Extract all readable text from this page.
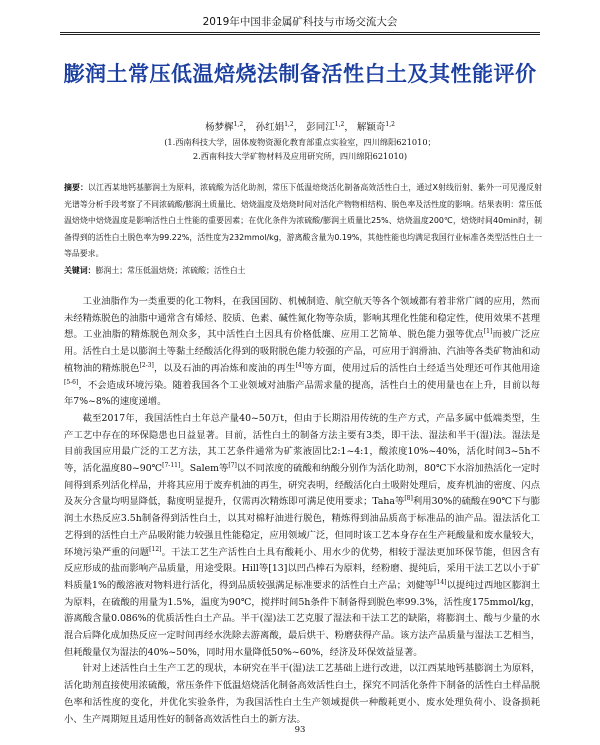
2019年中国非金属矿科技与市场交流大会
膨润土常压低温焙烧法制备活性白土及其性能评价
杨梦樨$^{1,2}$， 孙红娟$^{1,2}$， 彭同江$^{1,2}$， 解颖奇$^{1,2}$
(1.西南科技大学，固体废物资源化教育部重点实验室，四川绵阳621010；
2.西南科技大学矿物材料及应用研究所，四川绵阳621010)
摘要：以江西某地钙基膨润土为原料，浓硫酸为活化助剂，常压下低温焙烧活化制备高效活性白土，通过X射线衍射、紫外一可见漫反射光谱等分析手段考察了不同浓硫酸/膨润土质量比、焙烧温度及焙烧时间对活化产物物相结构、脱色率及活性度的影响。结果表明：常压低温焙烧中焙烧温度是影响活性白土性能的重要因素；在优化条件为浓硫酸/膨润土质量比25%、焙烧温度200℃，焙烧时间40min时，制备得到的活性白土脱色率为99.22%，活性度为232mmol/kg，游离酸含量为0.19%，其他性能也均满足我国行业标准各类型活性白土一等品要求。
关键词：膨润土；常压低温焙烧；浓硫酸；活性白土

工业油脂作为一类重要的化工物料，在我国国防、机械制造、航空航天等各个领域都有着非常广阔的应用，然而未经精炼脱色的油脂中通常含有烯烃、胶质、色素、碱性氮化物等杂质，影响其理化性能和稳定性，使用效果不甚理想。工业油脂的精炼脱色剂众多，其中活性白土因具有价格低廉、应用工艺简单、脱色能力强等优点[1]而被广泛应用。活性白土是以膨润土等黏土经酸活化得到的吸附脱色能力较强的产品，可应用于润滑油、汽油等各类矿物油和动植物油的精炼脱色[2-3]，以及石油的再冶炼和废油的再生[4]等方面，使用过后的活性白土经适当处理还可作其他用途[5-6]，不会造成环境污染。随着我国各个工业领域对油脂产品需求量的提高，活性白土的使用量也在上升，目前以每年7%~8%的速度递增。

截至2017年，我国活性白土年总产量40~50万t，但由于长期沿用传统的生产方式，产品多属中低端类型，生产工艺中存在的环保隐患也日益显著。目前，活性白土的制备方法主要有3类，即干法、湿法和半干(湿)法。湿法是目前我国应用最广泛的工艺方法，其工艺条件通常为矿浆液固比2:1~4:1，酸浓度10%~40%，活化时间3~5h不等，活化温度80~90℃[7-11]。Salem等[7]以不同浓度的硫酸和纳酸分别作为活化助剂，80℃下水浴加热活化一定时间得到系列活化样品，并将其应用于废弃机油的再生，研究表明，经酸活化白土吸附处理后，废弃机油的密度、闪点及灰分含量均明显降低，黏度明显提升，仅需再次精炼即可满足使用要求；Taha等[8]利用30%的硫酸在90℃下与膨润土水热反应3.5h制备得到活性白土，以其对棉籽油进行脱色，精炼得到油品质高于标准品的油产品。湿法活化工艺得到的活性白土产品吸附能力较强且性能稳定，应用领域广泛，但同时该工艺本身存在生产耗酸量和废水量较大，环境污染严重的问题[12]。干法工艺生产活性白土具有酸耗小、用水少的优势，相较于湿法更加环保节能，但因含有反应形成的盐而影响产品质量，用途受限。Hill等[13]以凹凸棒石为原料，经粉磨、提纯后，采用干法工艺以小于矿料质量1%的酸溶液对物料进行活化，得到品质较强满足标准要求的活性白土产品；刘健等[14]以提纯过西地区膨润土为原料，在硫酸的用量为1.5%，温度为90℃，搅拌时间5h条件下制备得到脱色率99.3%，活性度175mmol/kg，游离酸含量0.086%的优质活性白土产品。半干(湿)法工艺克服了湿法和干法工艺的缺陷，将膨润土、酸与少量的水混合后降化成加热反应一定时间再经水洗除去游离酸，最后烘干、粉磨获得产品。该方法产品质量与湿法工艺相当，但耗酸量仅为湿法的40%~50%，同时用水量降低50%~60%，经济及环保效益显著。

针对上述活性白土生产工艺的现状，本研究在半干(湿)法工艺基础上进行改进，以江西某地钙基膨润土为原料，活化助剂直接使用浓硫酸，常压条件下低温焙烧活化制备高效活性白土，探究不同活化条件下制备的活性白土样品脱色率和活性度的变化，并优化实验条件，为我国活性白土生产领域提供一种酸耗更小、废水处理负荷小、设备损耗小、生产周期短且适用性好的制备高效活性白土的新方法。

93
